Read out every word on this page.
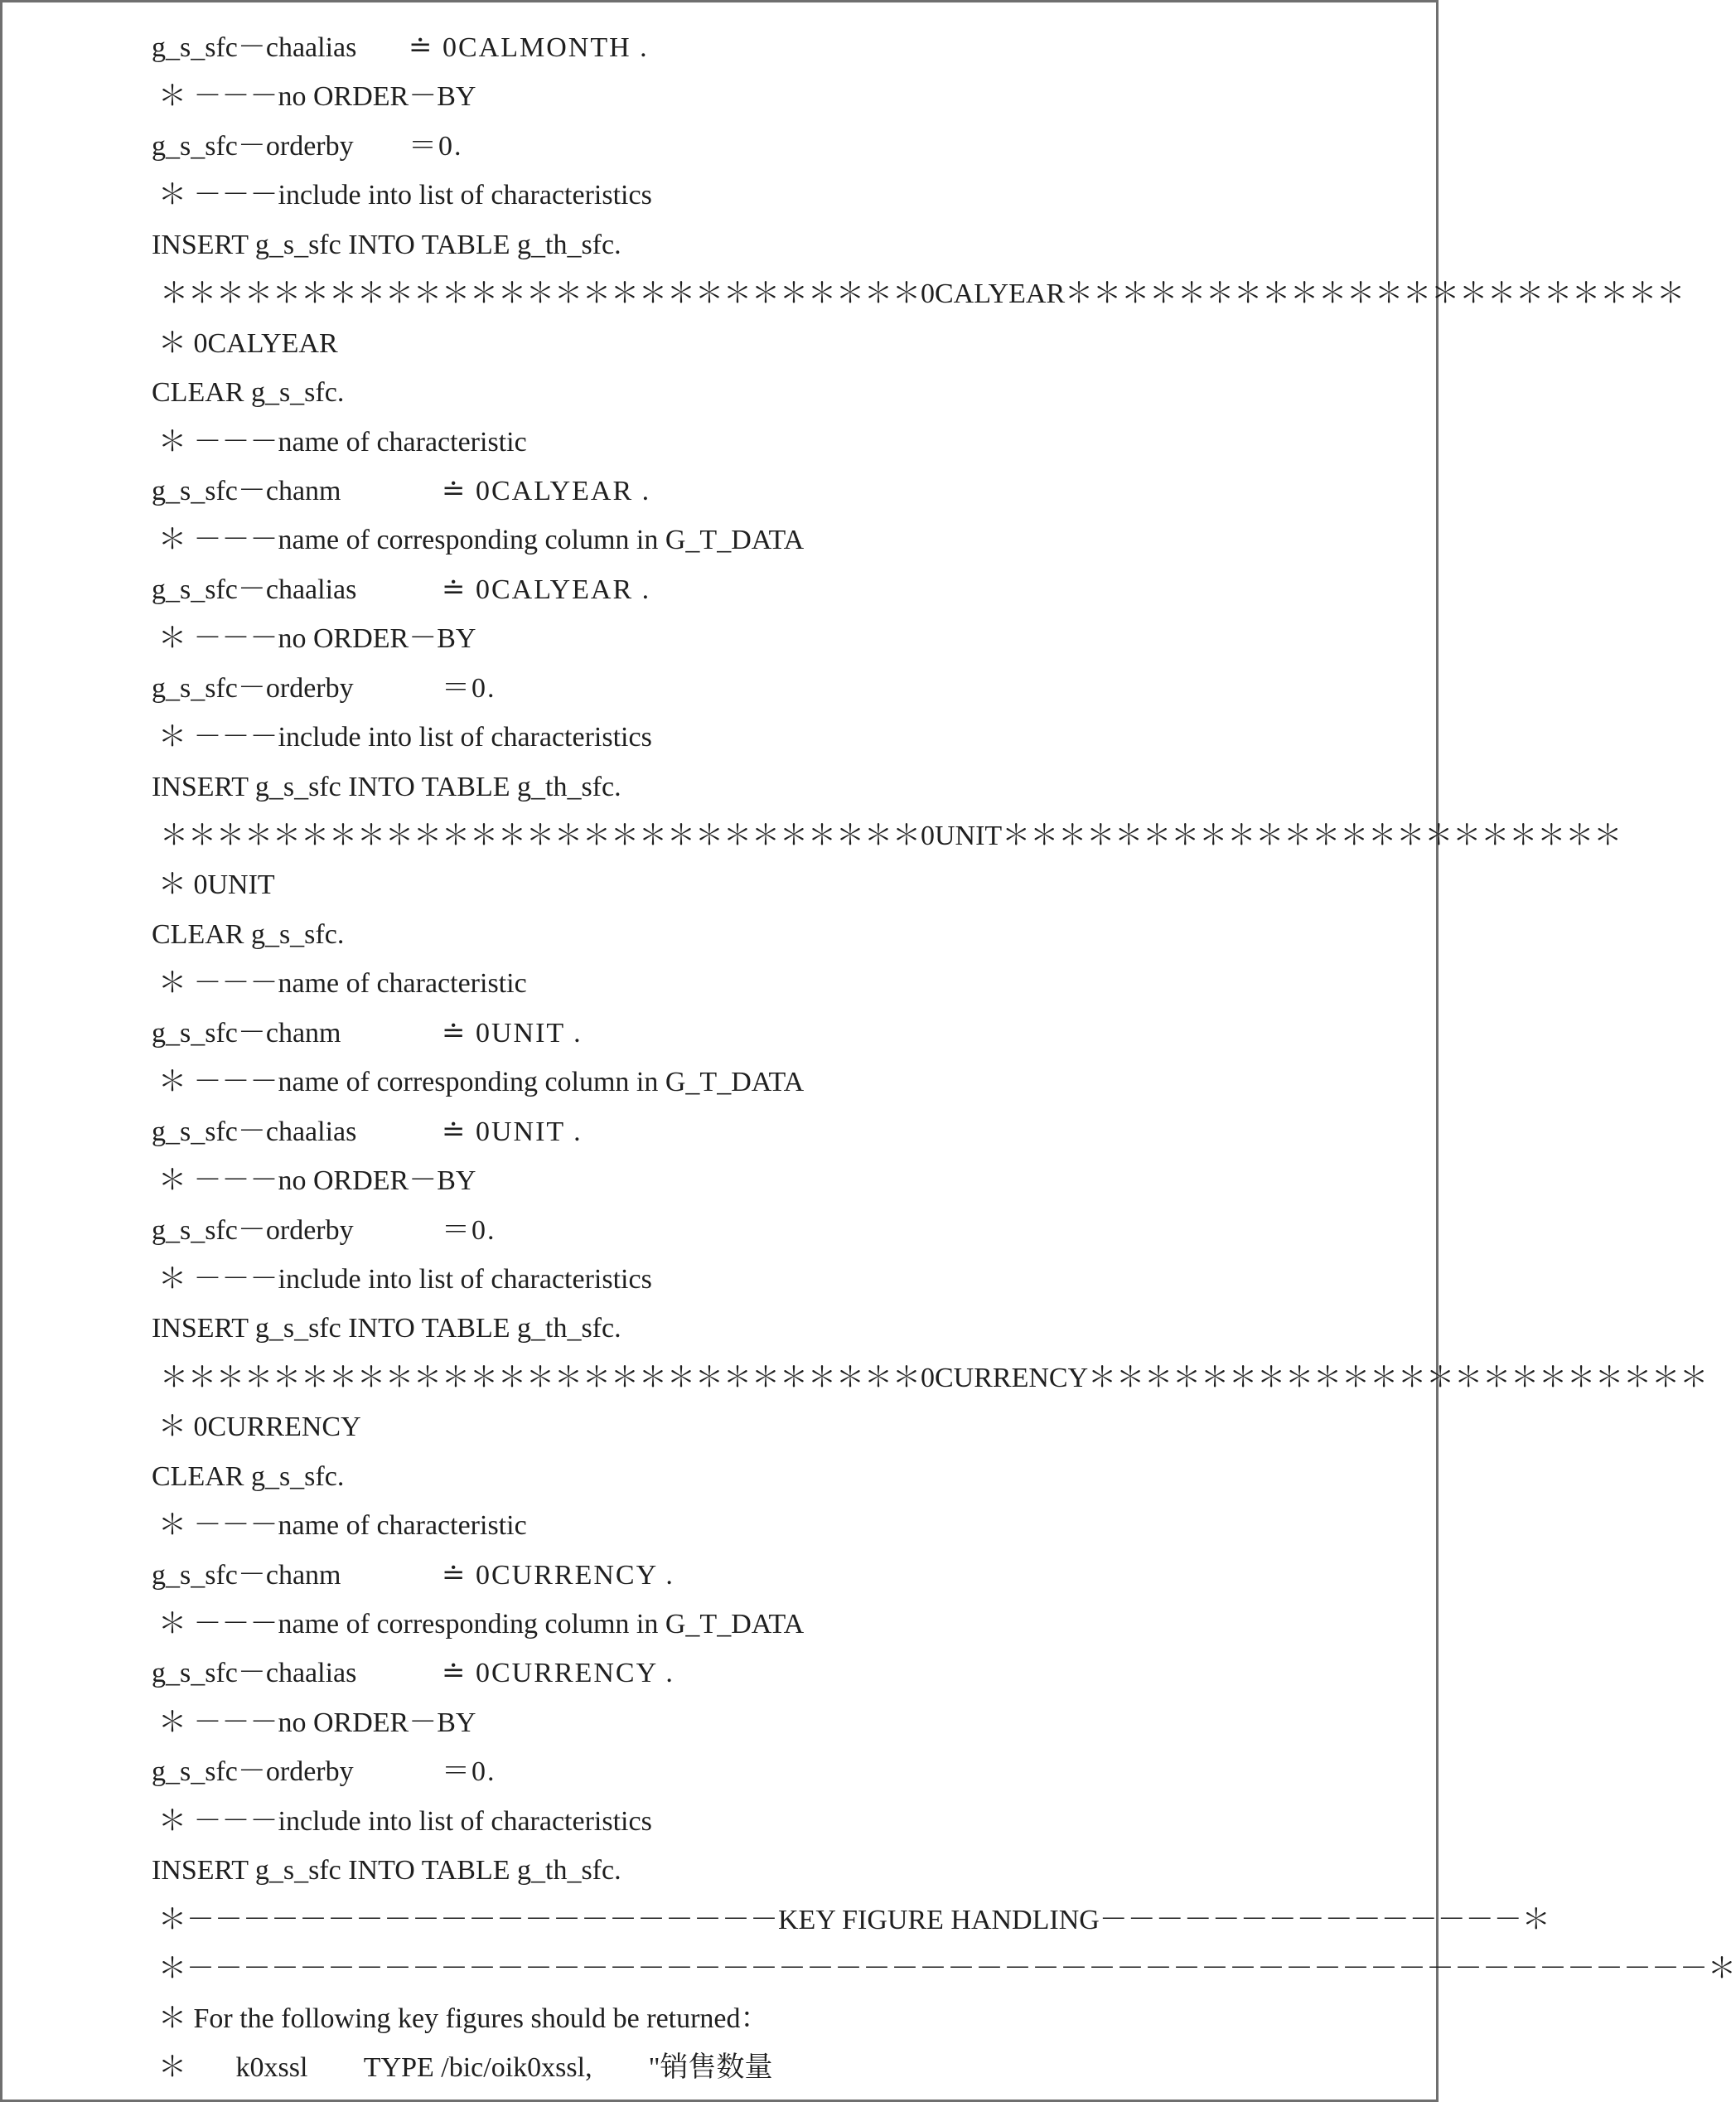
g_s_sfc－chaalias ≐ 0CALMONTH .
＊ －－－no ORDER－BY
g_s_sfc－orderby ＝0.
＊ －－－include into list of characteristics
INSERT g_s_sfc INTO TABLE g_th_sfc.
＊＊＊＊＊＊＊＊＊＊＊＊＊＊＊＊＊＊＊＊＊＊＊＊＊＊＊0CALYEAR＊＊＊＊＊＊＊＊＊＊＊＊＊＊＊＊＊＊＊＊＊＊
＊ 0CALYEAR
CLEAR g_s_sfc.
＊ －－－name of characteristic
g_s_sfc－chanm	≐ 0CALYEAR .
＊ －－－name of corresponding column in G_T_DATA
g_s_sfc－chaalias	≐ 0CALYEAR .
＊ －－－no ORDER－BY
g_s_sfc－orderby	＝0.
＊ －－－include into list of characteristics
INSERT g_s_sfc INTO TABLE g_th_sfc.
＊＊＊＊＊＊＊＊＊＊＊＊＊＊＊＊＊＊＊＊＊＊＊＊＊＊＊0UNIT＊＊＊＊＊＊＊＊＊＊＊＊＊＊＊＊＊＊＊＊＊＊
＊ 0UNIT
CLEAR g_s_sfc.
＊ －－－name of characteristic
g_s_sfc－chanm	≐ 0UNIT .
＊ －－－name of corresponding column in G_T_DATA
g_s_sfc－chaalias	≐ 0UNIT .
＊ －－－no ORDER－BY
g_s_sfc－orderby	＝0.
＊ －－－include into list of characteristics
INSERT g_s_sfc INTO TABLE g_th_sfc.
＊＊＊＊＊＊＊＊＊＊＊＊＊＊＊＊＊＊＊＊＊＊＊＊＊＊＊0CURRENCY＊＊＊＊＊＊＊＊＊＊＊＊＊＊＊＊＊＊＊＊＊＊
＊ 0CURRENCY
CLEAR g_s_sfc.
＊ －－－name of characteristic
g_s_sfc－chanm	≐ 0CURRENCY .
＊ －－－name of corresponding column in G_T_DATA
g_s_sfc－chaalias	≐ 0CURRENCY .
＊ －－－no ORDER－BY
g_s_sfc－orderby	＝0.
＊ －－－include into list of characteristics
INSERT g_s_sfc INTO TABLE g_th_sfc.
＊－－－－－－－－－－－－－－－－－－－－－KEY FIGURE HANDLING－－－－－－－－－－－－－－－＊
＊－－－－－－－－－－－－－－－－－－－－－－－－－－－－－－－－－－－－－－－－－－－－－－－－－－－－－－＊
＊ For the following key figures should be returned：
＊       k0xssl        TYPE /bic/oik0xssl,        "销售数量
